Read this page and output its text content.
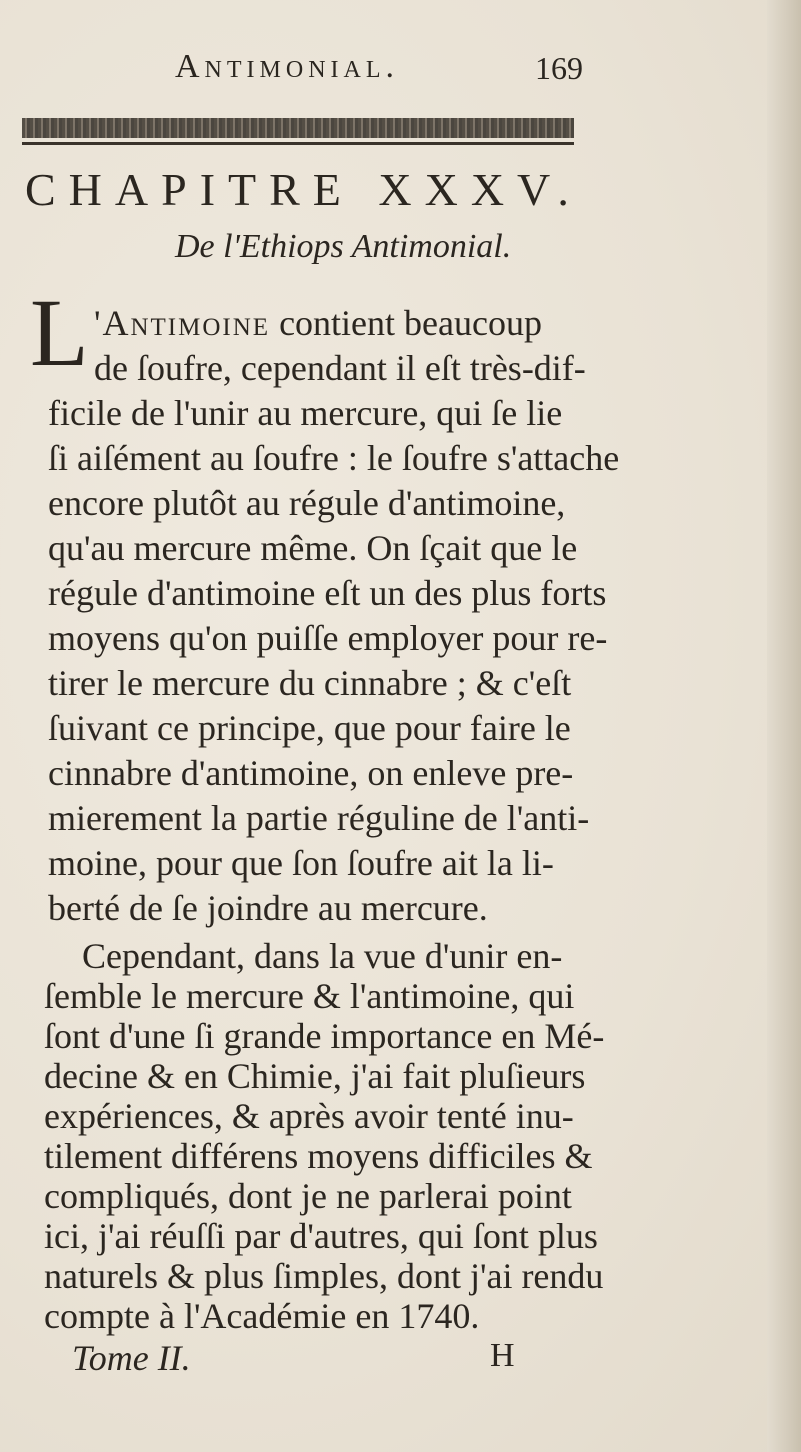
Antimonial.	169
CHAPITRE XXXV.
De l'Ethiops Antimonial.
L 'Antimoine contient beaucoup
de ſoufre, cependant il eſt très-dif-
ficile de l'unir au mercure, qui ſe lie
ſi aiſément au ſoufre : le ſoufre s'attache
encore plutôt au régule d'antimoine,
qu'au mercure même. On ſçait que le
régule d'antimoine eſt un des plus forts
moyens qu'on puiſſe employer pour re-
tirer le mercure du cinnabre ; & c'eſt
ſuivant ce principe, que pour faire le
cinnabre d'antimoine, on enleve pre-
mierement la partie réguline de l'anti-
moine, pour que ſon ſoufre ait la li-
berté de ſe joindre au mercure.
Cependant, dans la vue d'unir en-
ſemble le mercure & l'antimoine, qui
ſont d'une ſi grande importance en Mé-
decine & en Chimie, j'ai fait pluſieurs
expériences, & après avoir tenté inu-
tilement différens moyens difficiles &
compliqués, dont je ne parlerai point
ici, j'ai réuſſi par d'autres, qui ſont plus
naturels & plus ſimples, dont j'ai rendu
compte à l'Académie en 1740.
Tome II.	H
